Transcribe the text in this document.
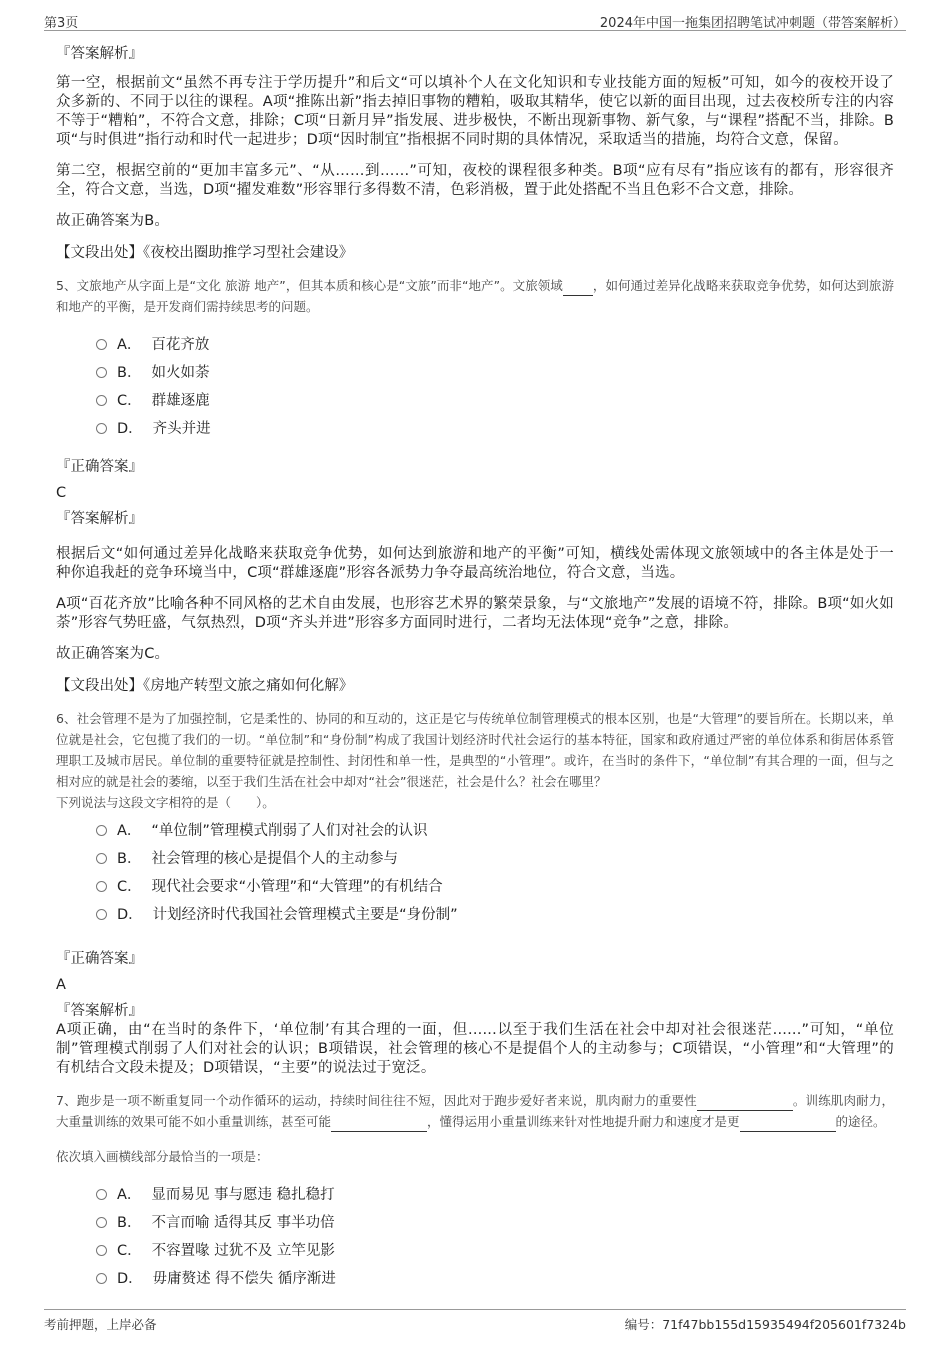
第3页	2024年中国一拖集团招聘笔试冲刺题（带答案解析）
『答案解析』

第一空，根据前文“虽然不再专注于学历提升”和后文“可以填补个人在文化知识和专业技能方面的短板”可知，如今的夜校开设了众多新的、不同于以往的课程。A项“推陈出新”指去掉旧事物的糟粕，吸取其精华，使它以新的面目出现，过去夜校所专注的内容不等于“糟粕”，不符合文意，排除；C项“日新月异”指发展、进步极快，不断出现新事物、新气象，与“课程”搭配不当，排除。B项“与时俱进”指行动和时代一起进步；D项“因时制宜”指根据不同时期的具体情况，采取适当的措施，均符合文意，保留。

第二空，根据空前的“更加丰富多元”、“从……到……”可知，夜校的课程很多种类。B项“应有尽有”指应该有的都有，形容很齐全，符合文意，当选，D项“擢发难数”形容罪行多得数不清，色彩消极，置于此处搭配不当且色彩不合文意，排除。

故正确答案为B。

【文段出处】《夜校出圈助推学习型社会建设》

5、文旅地产从字面上是“文化 旅游 地产”，但其本质和核心是“文旅”而非“地产”。文旅领域 ，如何通过差异化战略来获取竞争优势，如何达到旅游和地产的平衡，是开发商们需持续思考的问题。

A． 百花齐放
B． 如火如荼
C． 群雄逐鹿
D． 齐头并进
『正确答案』
C
『答案解析』

根据后文“如何通过差异化战略来获取竞争优势，如何达到旅游和地产的平衡”可知，横线处需体现文旅领域中的各主体是处于一种你追我赶的竞争环境当中，C项“群雄逐鹿”形容各派势力争夺最高统治地位，符合文意，当选。

A项“百花齐放”比喻各种不同风格的艺术自由发展，也形容艺术界的繁荣景象，与“文旅地产”发展的语境不符，排除。B项“如火如荼”形容气势旺盛，气氛热烈，D项“齐头并进”形容多方面同时进行，二者均无法体现“竞争”之意，排除。

故正确答案为C。

【文段出处】《房地产转型文旅之痛如何化解》

6、社会管理不是为了加强控制，它是柔性的、协同的和互动的，这正是它与传统单位制管理模式的根本区别，也是“大管理”的要旨所在。长期以来，单位就是社会，它包揽了我们的一切。“单位制”和“身份制”构成了我国计划经济时代社会运行的基本特征，国家和政府通过严密的单位体系和街居体系管理职工及城市居民。单位制的重要特征就是控制性、封闭性和单一性，是典型的“小管理”。或许，在当时的条件下，“单位制”有其合理的一面，但与之相对应的就是社会的萎缩，以至于我们生活在社会中却对“社会”很迷茫，社会是什么？社会在哪里？

下列说法与这段文字相符的是（　　）。

A． “单位制”管理模式削弱了人们对社会的认识
B． 社会管理的核心是提倡个人的主动参与
C． 现代社会要求“小管理”和“大管理”的有机结合
D． 计划经济时代我国社会管理模式主要是“身份制”
『正确答案』
A
『答案解析』

A项正确，由“在当时的条件下，‘单位制’有其合理的一面，但......以至于我们生活在社会中却对社会很迷茫......”可知，“单位制”管理模式削弱了人们对社会的认识；B项错误，社会管理的核心不是提倡个人的主动参与；C项错误，“小管理”和“大管理”的有机结合文段未提及；D项错误，“主要”的说法过于宽泛。

7、跑步是一项不断重复同一个动作循环的运动，持续时间往往不短，因此对于跑步爱好者来说，肌肉耐力的重要性	。训练肌肉耐力，大重量训练的效果可能不如小重量训练，甚至可能	，懂得运用小重量训练来针对性地提升耐力和速度才是更	的途径。

依次填入画横线部分最恰当的一项是：

A． 显而易见 事与愿违 稳扎稳打
B． 不言而喻 适得其反 事半功倍
C． 不容置喙 过犹不及 立竿见影
D． 毋庸赘述 得不偿失 循序渐进
考前押题，上岸必备	编号：71f47bb155d15935494f205601f7324b
